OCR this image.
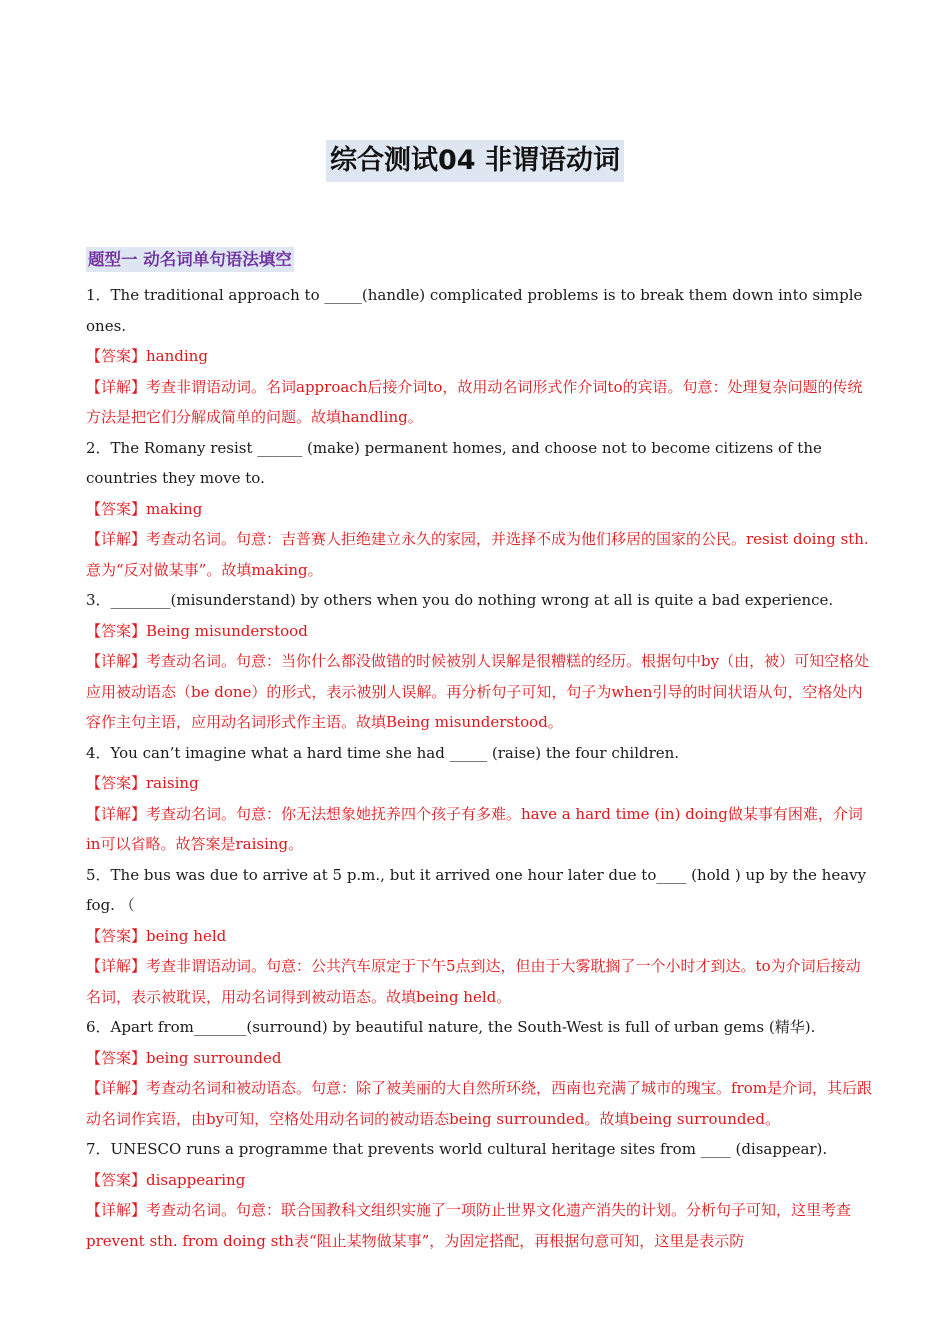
综合测试04 非谓语动词
题型一 动名词单句语法填空

1．The traditional approach to _____(handle) complicated problems is to break them down into simple ones.

【答案】handing

【详解】考查非谓语动词。名词approach后接介词to，故用动名词形式作介词to的宾语。句意：处理复杂问题的传统方法是把它们分解成简单的问题。故填handling。

2．The Romany resist ______ (make) permanent homes, and choose not to become citizens of the countries they move to.

【答案】making

【详解】考查动名词。句意：吉普赛人拒绝建立永久的家园，并选择不成为他们移居的国家的公民。resist doing sth. 意为“反对做某事”。故填making。

3．________(misunderstand) by others when you do nothing wrong at all is quite a bad experience.

【答案】Being misunderstood

【详解】考查动名词。句意：当你什么都没做错的时候被别人误解是很糟糕的经历。根据句中by（由，被）可知空格处应用被动语态（be done）的形式，表示被别人误解。再分析句子可知，句子为when引导的时间状语从句，空格处内容作主句主语，应用动名词形式作主语。故填Being misunderstood。

4．You can’t imagine what a hard time she had _____ (raise) the four children.

【答案】raising

【详解】考查动名词。句意：你无法想象她抚养四个孩子有多难。have a hard time (in) doing做某事有困难，介词in可以省略。故答案是raising。

5．The bus was due to arrive at 5 p.m., but it arrived one hour later due to____ (hold ) up by the heavy fog. （

【答案】being held

【详解】考查非谓语动词。句意：公共汽车原定于下午5点到达，但由于大雾耽搁了一个小时才到达。to为介词后接动名词，表示被耽误，用动名词得到被动语态。故填being held。

6．Apart from_______(surround) by beautiful nature, the South-West is full of urban gems (精华).

【答案】being surrounded

【详解】考查动名词和被动语态。句意：除了被美丽的大自然所环绕，西南也充满了城市的瑰宝。from是介词，其后跟动名词作宾语，由by可知，空格处用动名词的被动语态being surrounded。故填being surrounded。

7．UNESCO runs a programme that prevents world cultural heritage sites from ____ (disappear).

【答案】disappearing

【详解】考查动名词。句意：联合国教科文组织实施了一项防止世界文化遗产消失的计划。分析句子可知，这里考查prevent sth. from doing sth表“阻止某物做某事”，为固定搭配，再根据句意可知，这里是表示防
